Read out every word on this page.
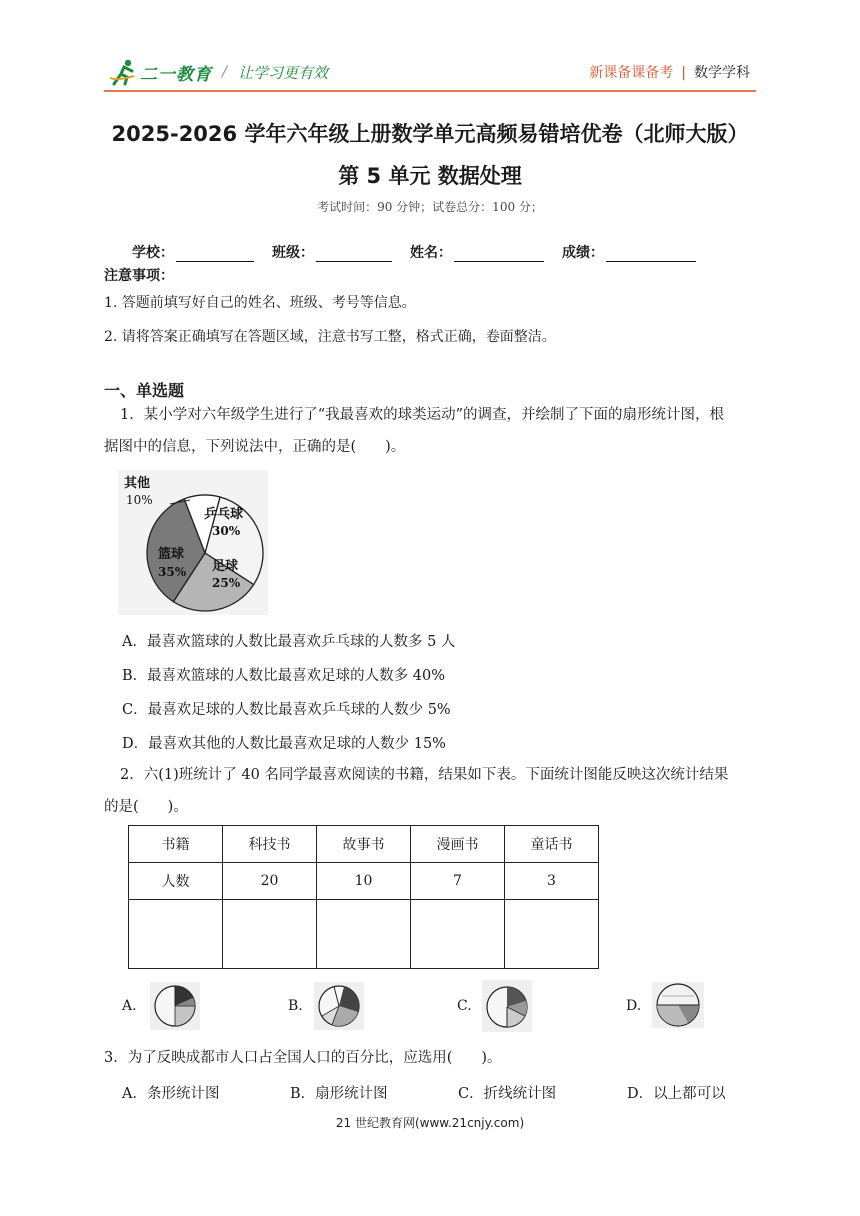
二一教育 / 让学习更有效	新课备课备考 | 数学学科
2025-2026 学年六年级上册数学单元高频易错培优卷（北师大版）
第 5 单元 数据处理
考试时间：90 分钟；试卷总分：100 分；
学校：	班级：	姓名：	成绩：
注意事项：
1. 答题前填写好自己的姓名、班级、考号等信息。
2. 请将答案正确填写在答题区域，注意书写工整，格式正确，卷面整洁。
一、单选题
1．某小学对六年级学生进行了“我最喜欢的球类运动”的调查，并绘制了下面的扇形统计图，根
据图中的信息，下列说法中，正确的是(　　)。
其他
10%
乒乓球
30%
足球
25%
篮球
35%
A．最喜欢篮球的人数比最喜欢乒乓球的人数多 5 人
B．最喜欢篮球的人数比最喜欢足球的人数多 40%
C．最喜欢足球的人数比最喜欢乒乓球的人数少 5%
D．最喜欢其他的人数比最喜欢足球的人数少 15%
2．六(1)班统计了 40 名同学最喜欢阅读的书籍，结果如下表。下面统计图能反映这次统计结果
的是(　　)。
书籍	科技书	故事书	漫画书	童话书
人数	20	10	7	3

A.	B.	C.	D.
3．为了反映成都市人口占全国人口的百分比，应选用(　　)。
A．条形统计图	B．扇形统计图	C．折线统计图	D．以上都可以
21 世纪教育网(www.21cnjy.com)
